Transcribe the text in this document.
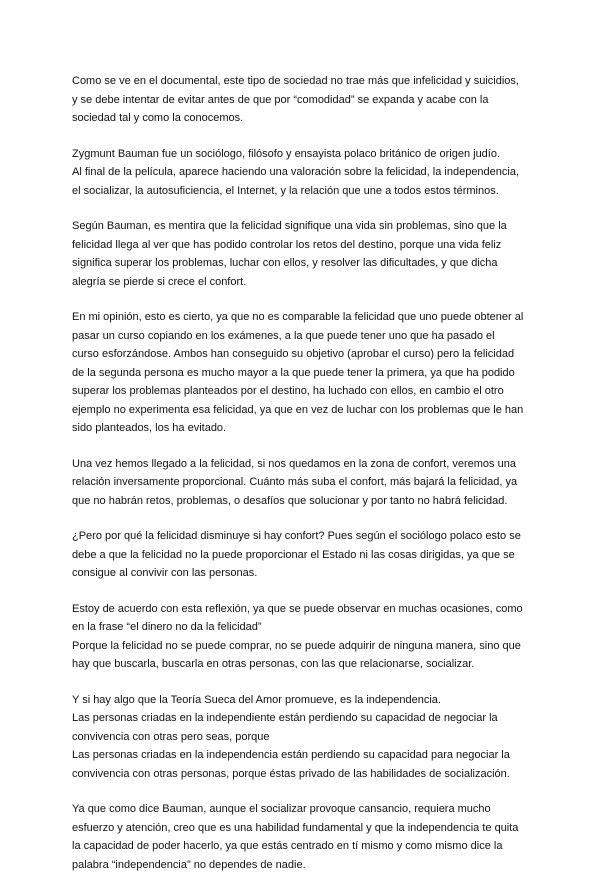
Como se ve en el documental, este tipo de sociedad no trae más que infelicidad y suicidios,
y se debe intentar de evitar antes de que por “comodidad” se expanda y acabe con la
sociedad tal y como la conocemos.
Zygmunt Bauman fue un sociólogo, filósofo y ensayista polaco británico de origen judío.
Al final de la película, aparece haciendo una valoración sobre la felicidad, la independencia,
el socializar, la autosuficiencia, el Internet, y la relación que une a todos estos términos.
Según Bauman, es mentira que la felicidad signifique una vida sin problemas, sino que la
felicidad llega al ver que has podido controlar los retos del destino, porque una vida feliz
significa superar los problemas, luchar con ellos, y resolver las dificultades, y que dicha
alegría se pierde si crece el confort.
En mi opinión, esto es cierto, ya que no es comparable la felicidad que uno puede obtener al
pasar un curso copiando en los exámenes, a la que puede tener uno que ha pasado el
curso esforzándose. Ambos han conseguido su objetivo (aprobar el curso) pero la felicidad
de la segunda persona es mucho mayor a la que puede tener la primera, ya que ha podido
superar los problemas planteados por el destino, ha luchado con ellos, en cambio el otro
ejemplo no experimenta esa felicidad, ya que en vez de luchar con los problemas que le han
sido planteados, los ha evitado.
Una vez hemos llegado a la felicidad, si nos quedamos en la zona de confort, veremos una
relación inversamente proporcional. Cuánto más suba el confort, más bajará la felicidad, ya
que no habrán retos, problemas, o desafíos que solucionar y por tanto no habrá felicidad.
¿Pero por qué la felicidad disminuye si hay confort? Pues según el sociólogo polaco esto se
debe a que la felicidad no la puede proporcionar el Estado ni las cosas dirigidas, ya que se
consigue al convivir con las personas.
Estoy de acuerdo con esta reflexión, ya que se puede observar en muchas ocasiones, como
en la frase “el dinero no da la felicidad”
Porque la felicidad no se puede comprar, no se puede adquirir de ninguna manera, sino que
hay que buscarla, buscarla en otras personas, con las que relacionarse, socializar.
Y si hay algo que la Teoría Sueca del Amor promueve, es la independencia.
Las personas criadas en la independiente están perdiendo su capacidad de negociar la
convivencia con otras pero seas, porque
Las personas criadas en la independencia están perdiendo su capacidad para negociar la
convivencia con otras personas, porque éstas privado de las habilidades de socialización.
Ya que como dice Bauman, aunque el socializar provoque cansancio, requiera mucho
esfuerzo y atención, creo que es una habilidad fundamental y que la independencia te quita
la capacidad de poder hacerlo, ya que estás centrado en tí mismo y como mismo dice la
palabra “independencia” no dependes de nadie.
